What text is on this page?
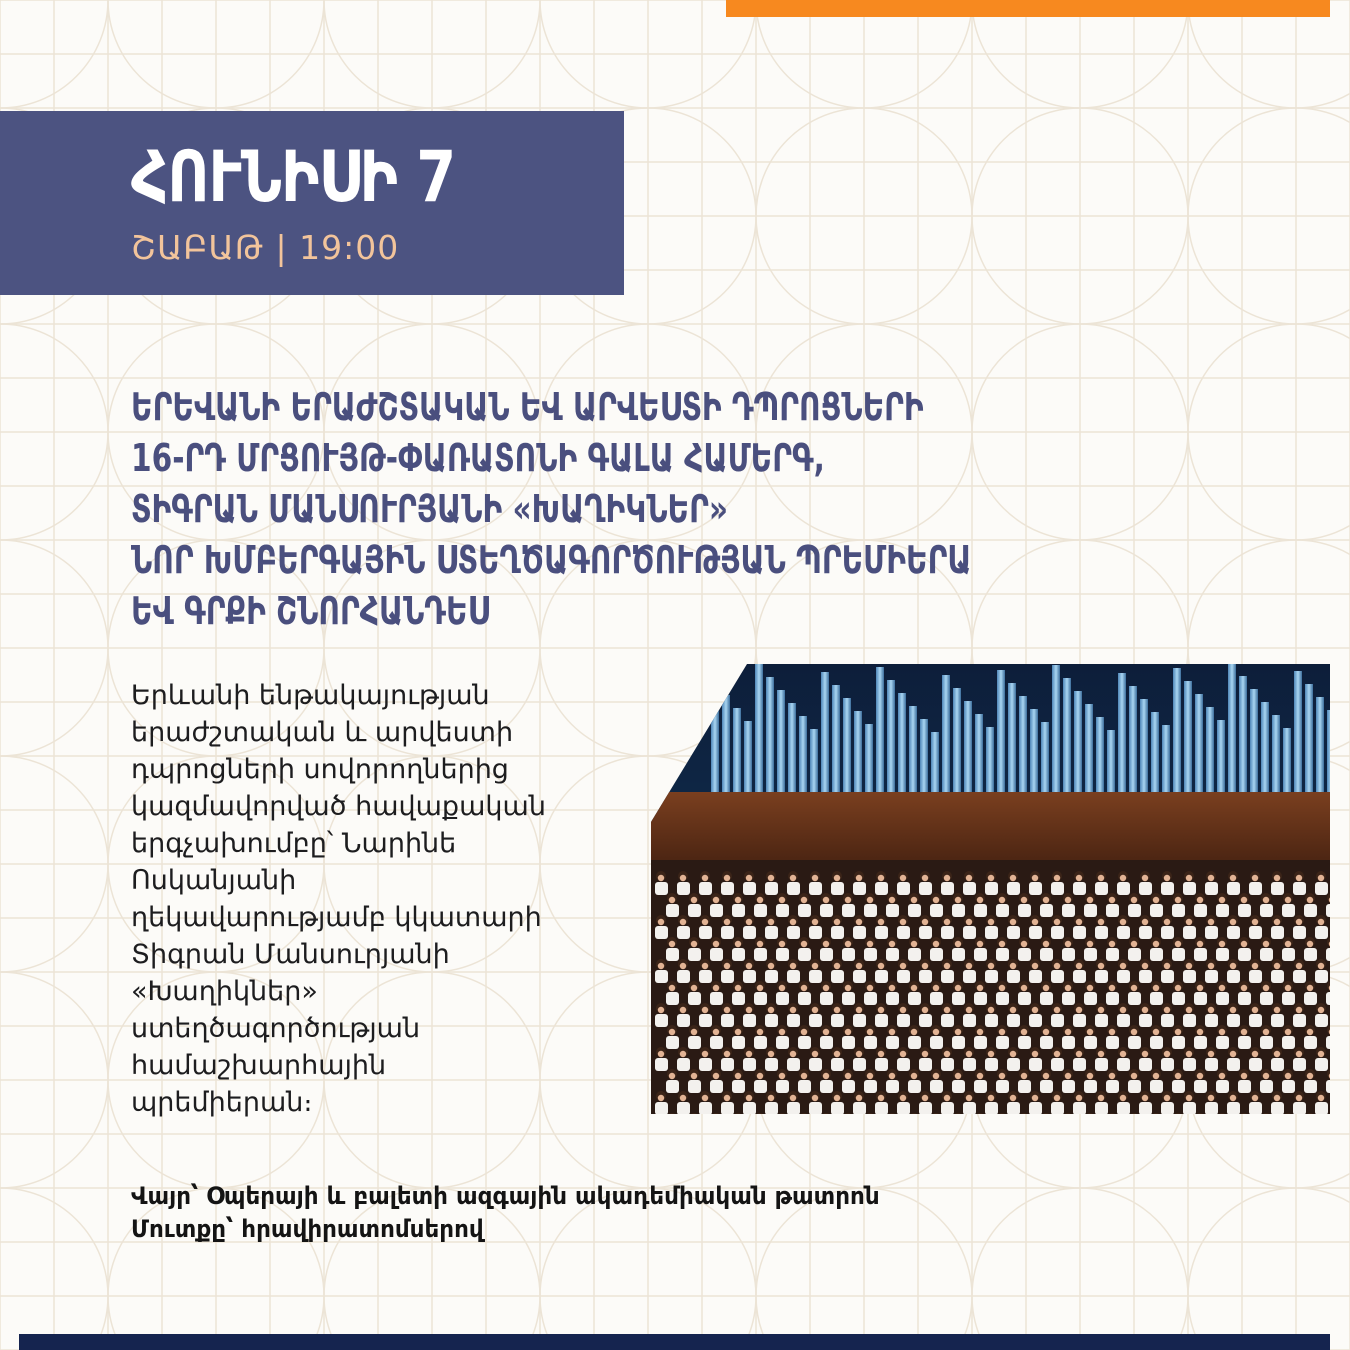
ՀՈՒՆԻՍԻ 7
ՇԱԲԱԹ | 19:00
ԵՐԵՎԱՆԻ ԵՐԱԺՇՏԱԿԱՆ ԵՎ ԱՐՎԵՍՏԻ ԴՊՐՈՑՆԵՐԻ
16-ՐԴ ՄՐՑՈՒՅԹ-ՓԱՌԱՏՈՆԻ ԳԱԼԱ ՀԱՄԵՐԳ,
ՏԻԳՐԱՆ ՄԱՆՍՈՒՐՅԱՆԻ «ԽԱՂԻԿՆԵՐ»
ՆՈՐ ԽՄԲԵՐԳԱՅԻՆ ՍՏԵՂԾԱԳՈՐԾՈՒԹՅԱՆ ՊՐԵՄԻԵՐԱ
ԵՎ ԳՐՔԻ ՇՆՈՐՀԱՆԴԵՍ
Երևանի ենթակայության
երաժշտական և արվեստի
դպրոցների սովորողներից
կազմավորված հավաքական
երգչախումբը՝ Նարինե
Ոսկանյանի
ղեկավարությամբ կկատարի
Տիգրան Մանսուրյանի
«Խաղիկներ»
ստեղծագործության
համաշխարհային
պրեմիերան։
Վայր՝ Օպերայի և բալետի ազգային ակադեմիական թատրոն
Մուտքը՝ հրավիրատոմսերով
